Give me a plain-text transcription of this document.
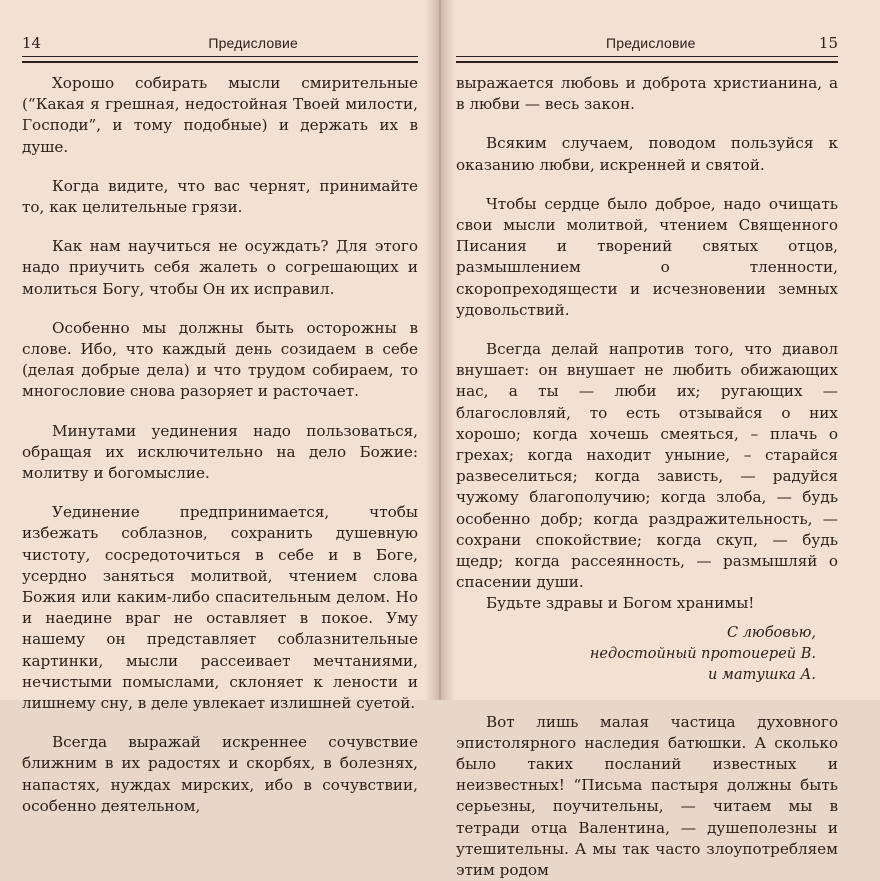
14	Предисловие

Хорошо собирать мысли смирительные (“Какая я грешная, недостойная Твоей милости, Господи”, и тому подобные) и держать их в душе.

Когда видите, что вас чернят, принимайте то, как целительные грязи.

Как нам научиться не осуждать? Для этого надо приучить себя жалеть о согрешающих и молиться Богу, чтобы Он их исправил.

Особенно мы должны быть осторожны в слове. Ибо, что каждый день созидаем в себе (делая добрые дела) и что трудом собираем, то многословие снова разоряет и расточает.

Минутами уединения надо пользоваться, обращая их исключительно на дело Божие: молитву и богомыслие.

Уединение предпринимается, чтобы избежать соблазнов, сохранить душевную чистоту, сосредоточиться в себе и в Боге, усердно заняться молитвой, чтением слова Божия или каким-либо спасительным делом. Но и наедине враг не оставляет в покое. Уму нашему он представляет соблазнительные картинки, мысли рассеивает мечтаниями, нечистыми помыслами, склоняет к лености и лишнему сну, в деле увлекает излишней суетой.

Всегда выражай искреннее сочувствие ближним в их радостях и скорбях, в болезнях, напастях, нуждах мирских, ибо в сочувствии, особенно деятельном,

Предисловие	15

выражается любовь и доброта христианина, а в любви — весь закон.

Всяким случаем, поводом пользуйся к оказанию любви, искренней и святой.

Чтобы сердце было доброе, надо очищать свои мысли молитвой, чтением Священного Писания и творений святых отцов, размышлением о тленности, скоропреходящести и исчезновении земных удовольствий.

Всегда делай напротив того, что диавол внушает: он внушает не любить обижающих нас, а ты — люби их; ругающих — благословляй, то есть отзывайся о них хорошо; когда хочешь смеяться, – плачь о грехах; когда находит уныние, – старайся развеселиться; когда зависть, — радуйся чужому благополучию; когда злоба, — будь особенно добр; когда раздражительность, — сохрани спокойствие; когда скуп, — будь щедр; когда рассеянность, — размышляй о спасении души.

Будьте здравы и Богом хранимы!

С любовью,
недостойный протоиерей В.
и матушка А.

Вот лишь малая частица духовного эпистолярного наследия батюшки. А сколько было таких посланий известных и неизвестных! “Письма пастыря должны быть серьезны, поучительны, — читаем мы в тетради отца Валентина, — душеполезны и утешительны. А мы так часто злоупотребляем этим родом
